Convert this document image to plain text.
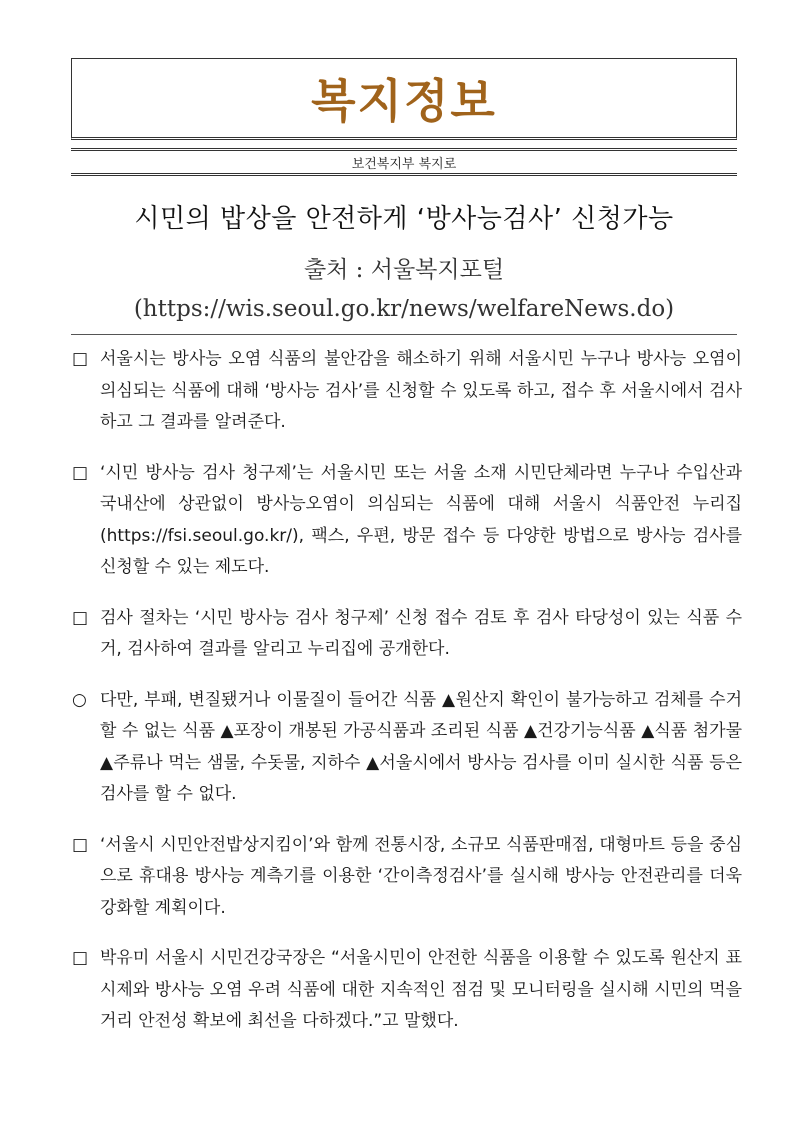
복지정보
보건복지부 복지로
시민의 밥상을 안전하게 ‘방사능검사’ 신청가능
출처 : 서울복지포털
(https://wis.seoul.go.kr/news/welfareNews.do)
□ 서울시는 방사능 오염 식품의 불안감을 해소하기 위해 서울시민 누구나 방사능 오염이 의심되는 식품에 대해 ‘방사능 검사’를 신청할 수 있도록 하고, 접수 후 서울시에서 검사하고 그 결과를 알려준다.
□ ‘시민 방사능 검사 청구제’는 서울시민 또는 서울 소재 시민단체라면 누구나 수입산과 국내산에 상관없이 방사능오염이 의심되는 식품에 대해 서울시 식품안전 누리집(https://fsi.seoul.go.kr/), 팩스, 우편, 방문 접수 등 다양한 방법으로 방사능 검사를 신청할 수 있는 제도다.
□ 검사 절차는 ‘시민 방사능 검사 청구제’ 신청 접수 검토 후 검사 타당성이 있는 식품 수거, 검사하여 결과를 알리고 누리집에 공개한다.
○ 다만, 부패, 변질됐거나 이물질이 들어간 식품 ▲원산지 확인이 불가능하고 검체를 수거할 수 없는 식품 ▲포장이 개봉된 가공식품과 조리된 식품 ▲건강기능식품 ▲식품 첨가물 ▲주류나 먹는 샘물, 수돗물, 지하수 ▲서울시에서 방사능 검사를 이미 실시한 식품 등은 검사를 할 수 없다.
□ ‘서울시 시민안전밥상지킴이’와 함께 전통시장, 소규모 식품판매점, 대형마트 등을 중심으로 휴대용 방사능 계측기를 이용한 ‘간이측정검사’를 실시해 방사능 안전관리를 더욱 강화할 계획이다.
□ 박유미 서울시 시민건강국장은 “서울시민이 안전한 식품을 이용할 수 있도록 원산지 표시제와 방사능 오염 우려 식품에 대한 지속적인 점검 및 모니터링을 실시해 시민의 먹을거리 안전성 확보에 최선을 다하겠다.”고 말했다.
